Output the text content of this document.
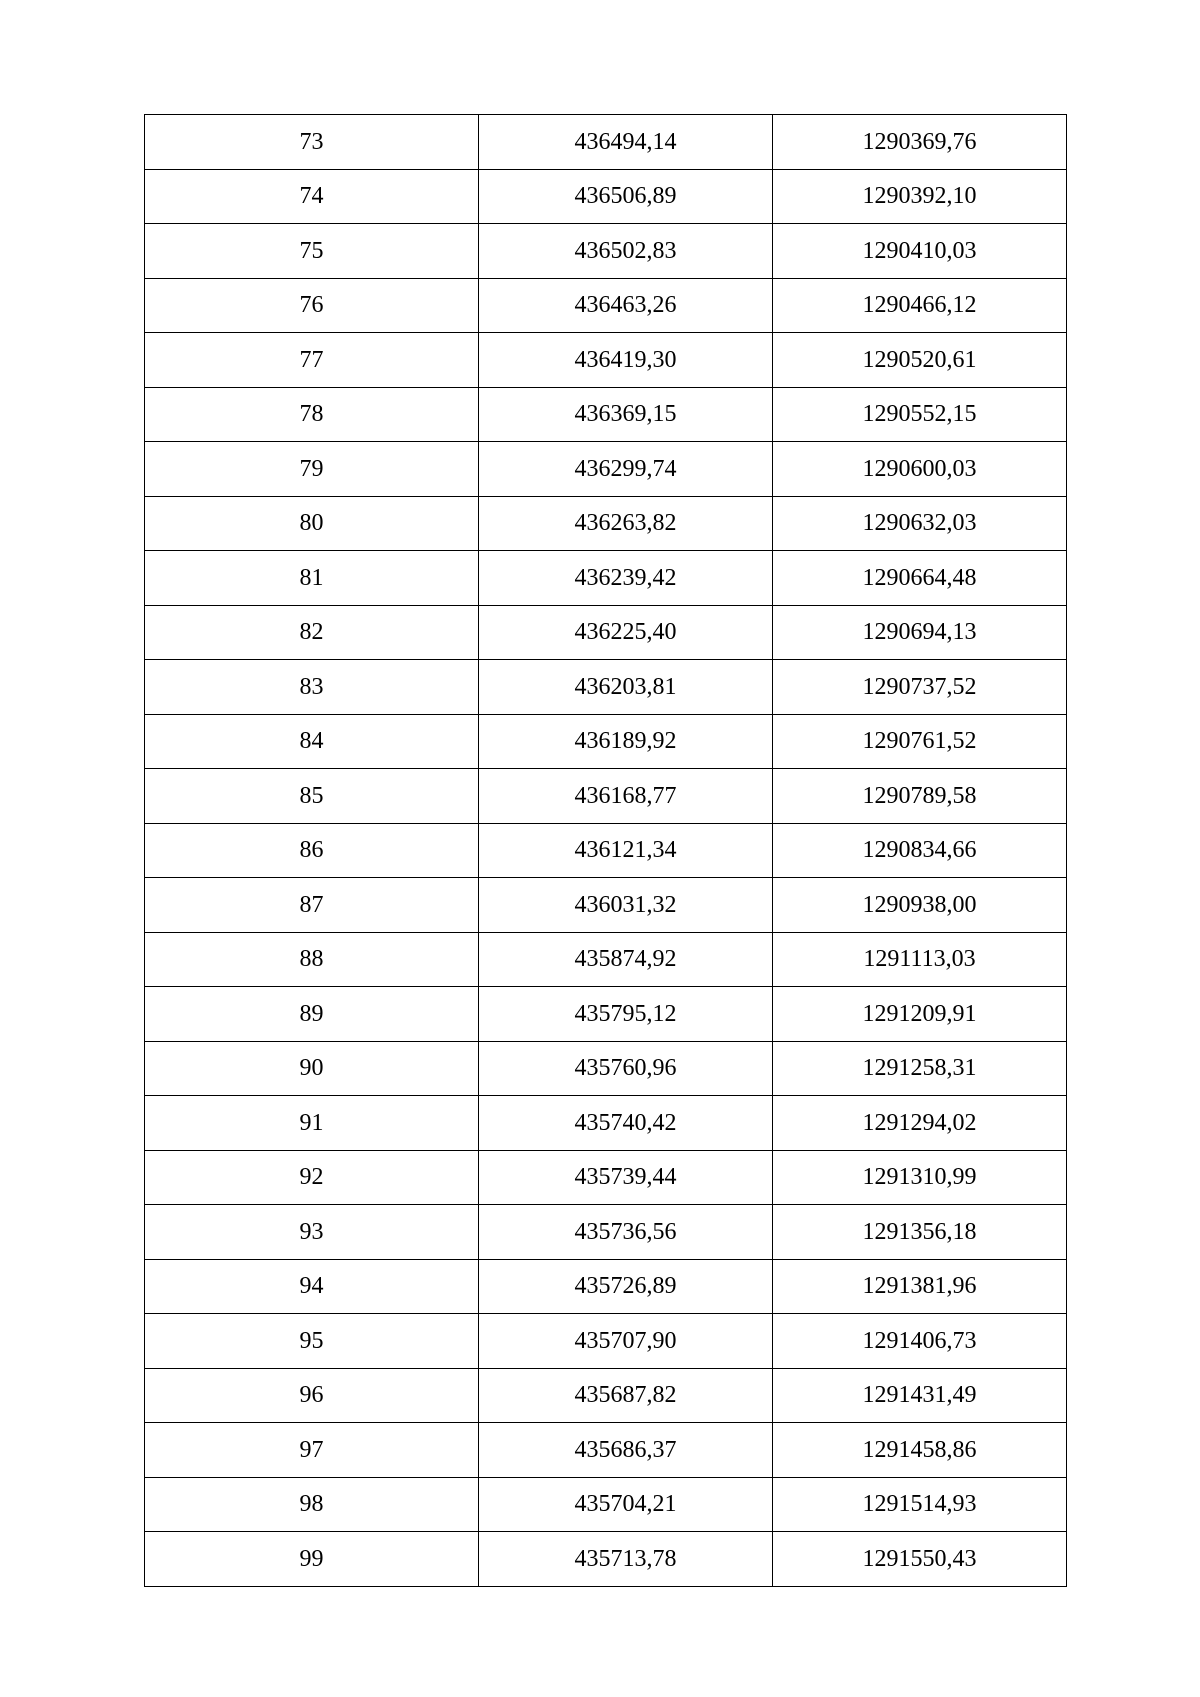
73	436494,14	1290369,76
74	436506,89	1290392,10
75	436502,83	1290410,03
76	436463,26	1290466,12
77	436419,30	1290520,61
78	436369,15	1290552,15
79	436299,74	1290600,03
80	436263,82	1290632,03
81	436239,42	1290664,48
82	436225,40	1290694,13
83	436203,81	1290737,52
84	436189,92	1290761,52
85	436168,77	1290789,58
86	436121,34	1290834,66
87	436031,32	1290938,00
88	435874,92	1291113,03
89	435795,12	1291209,91
90	435760,96	1291258,31
91	435740,42	1291294,02
92	435739,44	1291310,99
93	435736,56	1291356,18
94	435726,89	1291381,96
95	435707,90	1291406,73
96	435687,82	1291431,49
97	435686,37	1291458,86
98	435704,21	1291514,93
99	435713,78	1291550,43
